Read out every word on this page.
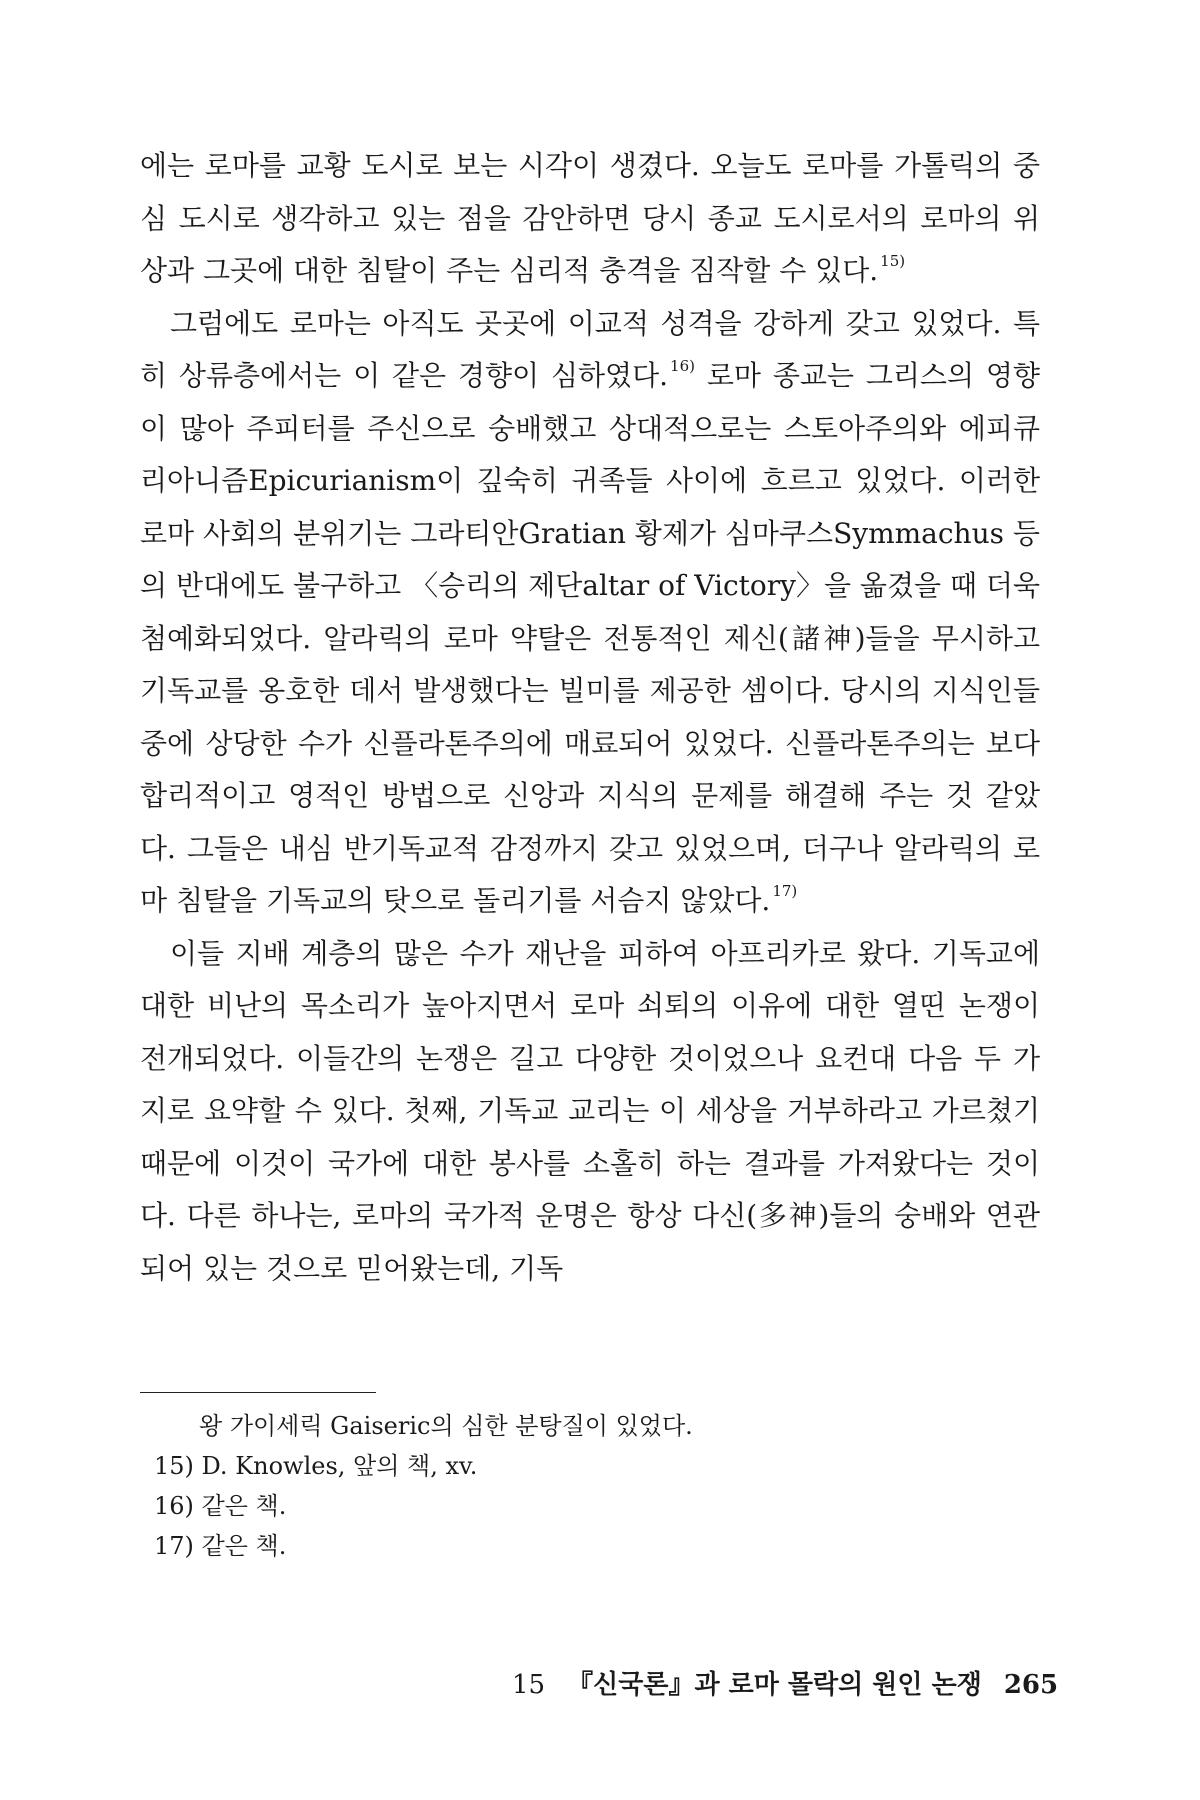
에는 로마를 교황 도시로 보는 시각이 생겼다. 오늘도 로마를 가톨릭의 중심 도시로 생각하고 있는 점을 감안하면 당시 종교 도시로서의 로마의 위상과 그곳에 대한 침탈이 주는 심리적 충격을 짐작할 수 있다. $^{15)}$

그럼에도 로마는 아직도 곳곳에 이교적 성격을 강하게 갖고 있었다. 특히 상류층에서는 이 같은 경향이 심하였다. $^{16)}$ 로마 종교는 그리스의 영향이 많아 주피터를 주신으로 숭배했고 상대적으로는 스토아주의와 에피큐리아니즘Epicurianism이 깊숙히 귀족들 사이에 흐르고 있었다. 이러한 로마 사회의 분위기는 그라티안Gratian 황제가 심마쿠스Symmachus 등의 반대에도 불구하고 〈승리의 제단altar of Victory〉을 옮겼을 때 더욱 첨예화되었다. 알라릭의 로마 약탈은 전통적인 제신(諸神)들을 무시하고 기독교를 옹호한 데서 발생했다는 빌미를 제공한 셈이다. 당시의 지식인들 중에 상당한 수가 신플라톤주의에 매료되어 있었다. 신플라톤주의는 보다 합리적이고 영적인 방법으로 신앙과 지식의 문제를 해결해 주는 것 같았다. 그들은 내심 반기독교적 감정까지 갖고 있었으며, 더구나 알라릭의 로마 침탈을 기독교의 탓으로 돌리기를 서슴지 않았다. $^{17)}$

이들 지배 계층의 많은 수가 재난을 피하여 아프리카로 왔다. 기독교에 대한 비난의 목소리가 높아지면서 로마 쇠퇴의 이유에 대한 열띤 논쟁이 전개되었다. 이들간의 논쟁은 길고 다양한 것이었으나 요컨대 다음 두 가지로 요약할 수 있다. 첫째, 기독교 교리는 이 세상을 거부하라고 가르쳤기 때문에 이것이 국가에 대한 봉사를 소홀히 하는 결과를 가져왔다는 것이다. 다른 하나는, 로마의 국가적 운명은 항상 다신(多神)들의 숭배와 연관되어 있는 것으로 믿어왔는데, 기독

왕 가이세릭 Gaiseric의 심한 분탕질이 있었다.
15) D. Knowles, 앞의 책, xv.
16) 같은 책.
17) 같은 책.
15 『신국론』과 로마 몰락의 원인 논쟁 265
